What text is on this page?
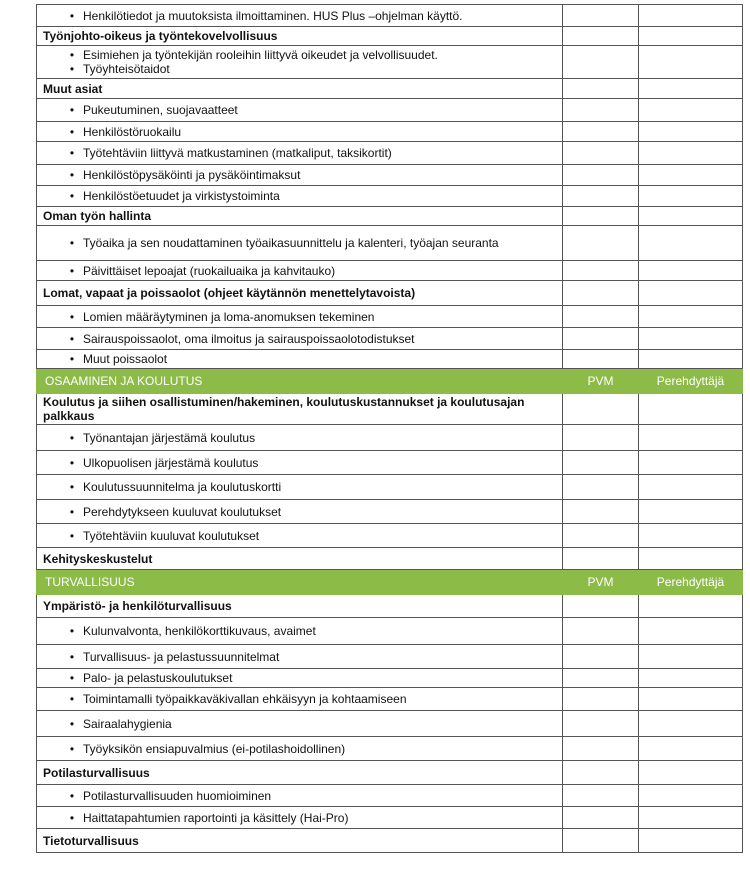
• Henkilötiedot ja muutoksista ilmoittaminen. HUS Plus –ohjelman käyttö.		

Työnjohto-oikeus ja työntekovelvollisuus		

• Esimiehen ja työntekijän rooleihin liittyvä oikeudet ja velvollisuudet.
• Työyhteisötaidot		

Muut asiat		

• Pukeutuminen, suojavaatteet		

• Henkilöstöruokailu		

• Työtehtäviin liittyvä matkustaminen (matkaliput, taksikortit)		

• Henkilöstöpysäköinti ja pysäköintimaksut		

• Henkilöstöetuudet ja virkistystoiminta		

Oman työn hallinta		

• Työaika ja sen noudattaminen työaikasuunnittelu ja kalenteri, työajan seuranta		

• Päivittäiset lepoajat (ruokailuaika ja kahvitauko)		

Lomat, vapaat ja poissaolot (ohjeet käytännön menettelytavoista)		

• Lomien määräytyminen ja loma-anomuksen tekeminen		

• Sairauspoissaolot, oma ilmoitus ja sairauspoissaolotodistukset		

• Muut poissaolot		

OSAAMINEN JA KOULUTUS	PVM	Perehdyttäjä
Koulutus ja siihen osallistuminen/hakeminen, koulutuskustannukset ja koulutusajan palkkaus		

• Työnantajan järjestämä koulutus		

• Ulkopuolisen järjestämä koulutus		

• Koulutussuunnitelma ja koulutuskortti		

• Perehdytykseen kuuluvat koulutukset		

• Työtehtäviin kuuluvat koulutukset		

Kehityskeskustelut		
TURVALLISUUS	PVM	Perehdyttäjä
Ympäristö- ja henkilöturvallisuus		

• Kulunvalvonta, henkilökorttikuvaus, avaimet		

• Turvallisuus- ja pelastussuunnitelmat		

• Palo- ja pelastuskoulutukset		

• Toimintamalli työpaikkaväkivallan ehkäisyyn ja kohtaamiseen		

• Sairaalahygienia		

• Työyksikön ensiapuvalmius (ei-potilashoidollinen)		

Potilasturvallisuus		

• Potilasturvallisuuden huomioiminen		

• Haittatapahtumien raportointi ja käsittely (Hai-Pro)		

Tietoturvallisuus		
